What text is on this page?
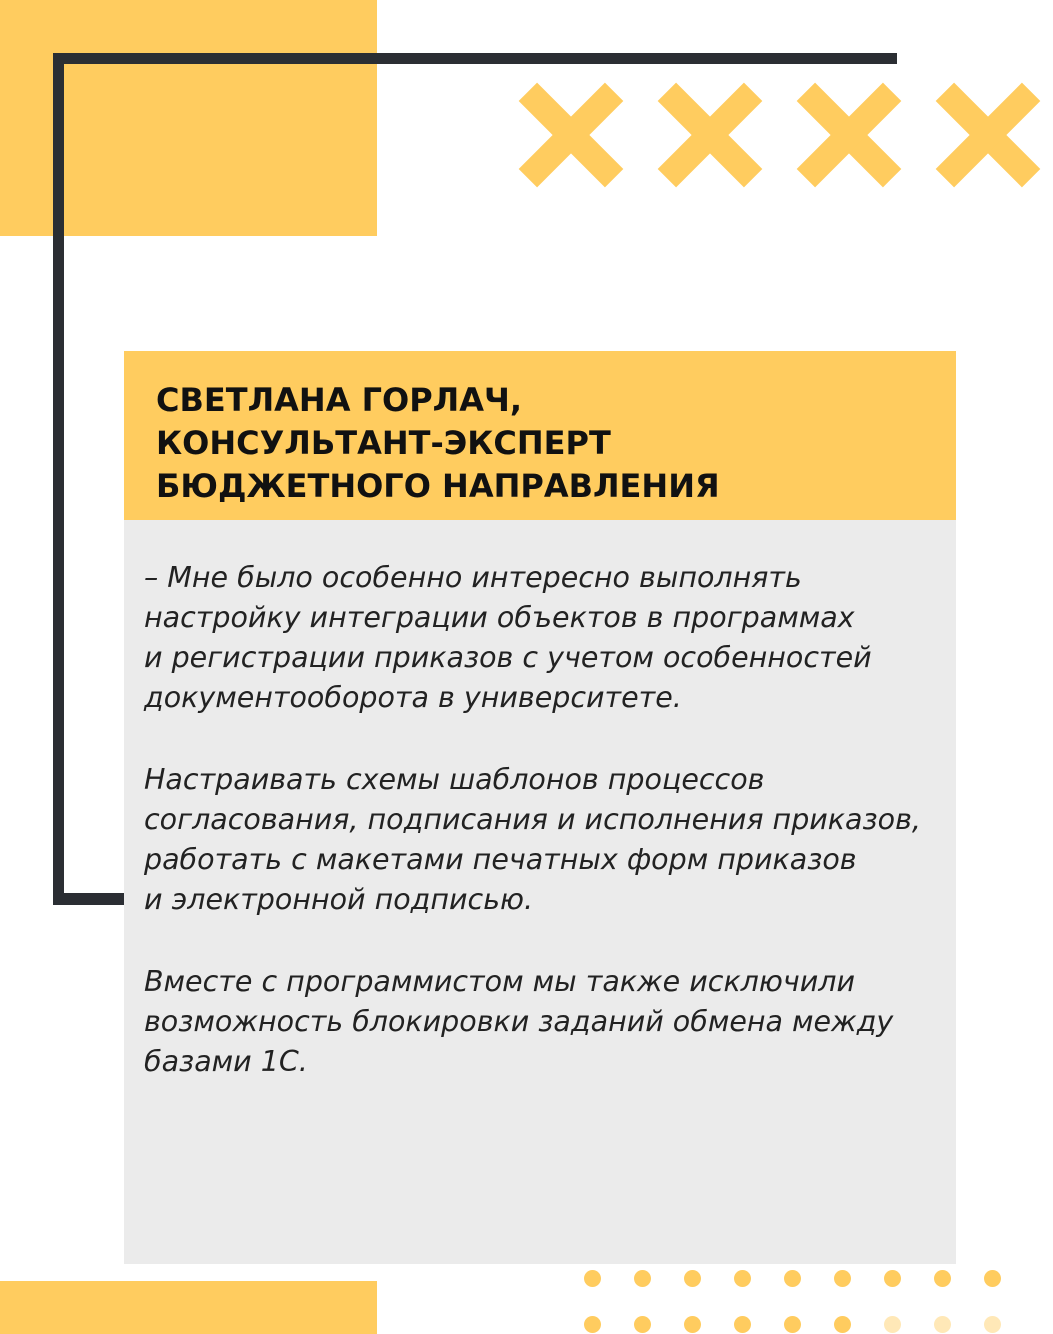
СВЕТЛАНА ГОРЛАЧ,
КОНСУЛЬТАНТ-ЭКСПЕРТ
БЮДЖЕТНОГО НАПРАВЛЕНИЯ
– Мне было особенно интересно выполнять
настройку интеграции объектов в программах
и регистрации приказов с учетом особенностей
документооборота в университете.
Настраивать схемы шаблонов процессов
согласования, подписания и исполнения приказов,
работать с макетами печатных форм приказов
и электронной подписью.
Вместе с программистом мы также исключили
возможность блокировки заданий обмена между
базами 1С.
